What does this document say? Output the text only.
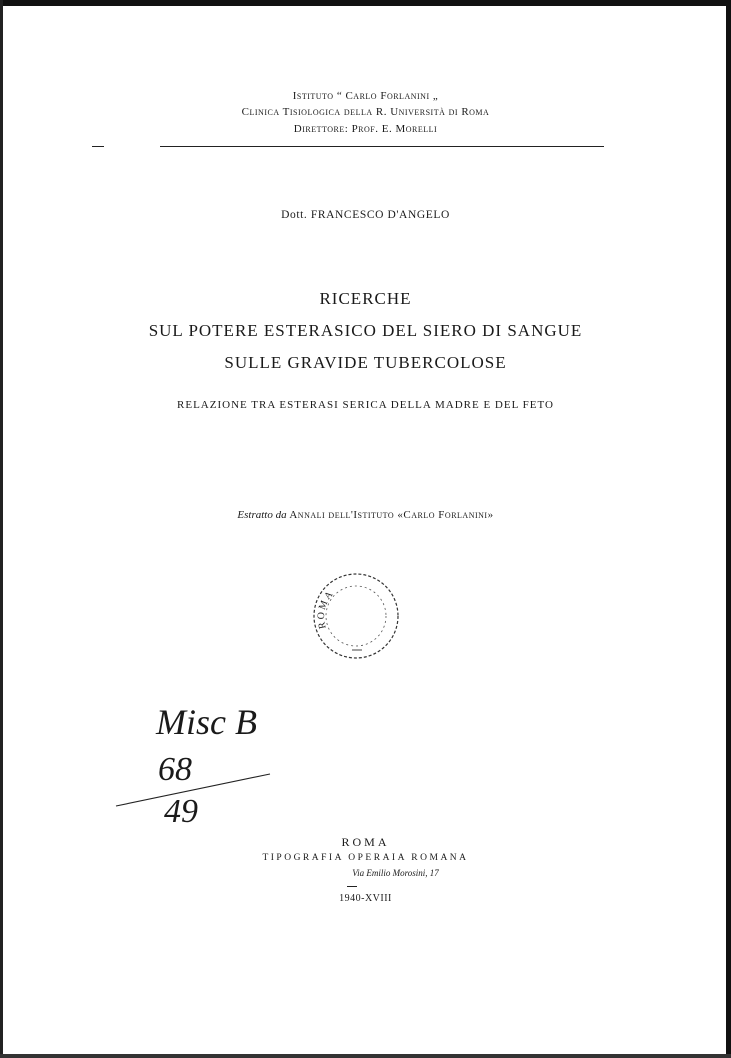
Istituto “ Carlo Forlanini „
Clinica Tisiologica della R. Università di Roma
Direttore: Prof. E. Morelli
Dott. FRANCESCO D'ANGELO
RICERCHE
SUL POTERE ESTERASICO DEL SIERO DI SANGUE
SULLE GRAVIDE TUBERCOLOSE
RELAZIONE TRA ESTERASI SERICA DELLA MADRE E DEL FETO
Estratto da Annali dell'Istituto «Carlo Forlanini»
ROMA
Misc B
68
49
ROMA
TIPOGRAFIA OPERAIA ROMANA
Via Emilio Morosini, 17
1940-XVIII
